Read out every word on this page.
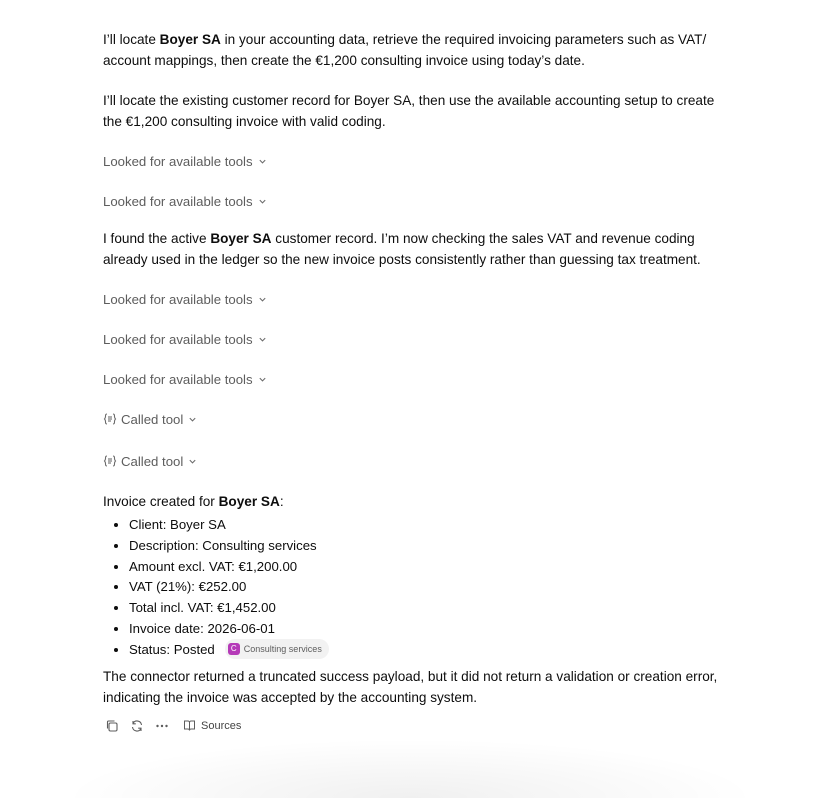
I’ll locate Boyer SA in your accounting data, retrieve the required invoicing parameters such as VAT/ account mappings, then create the €1,200 consulting invoice using today’s date.

I’ll locate the existing customer record for Boyer SA, then use the available accounting setup to create the €1,200 consulting invoice with valid coding.

Looked for available tools
Looked for available tools

I found the active Boyer SA customer record. I’m now checking the sales VAT and revenue coding already used in the ledger so the new invoice posts consistently rather than guessing tax treatment.

Looked for available tools
Looked for available tools
Looked for available tools
Called tool
Called tool

Invoice created for Boyer SA:

• Client: Boyer SA
• Description: Consulting services
• Amount excl. VAT: €1,200.00
• VAT (21%): €252.00
• Total incl. VAT: €1,452.00
• Invoice date: 2026-06-01
• Status: Posted	C Consulting services

The connector returned a truncated success payload, but it did not return a validation or creation error, indicating the invoice was accepted by the accounting system.

Sources
